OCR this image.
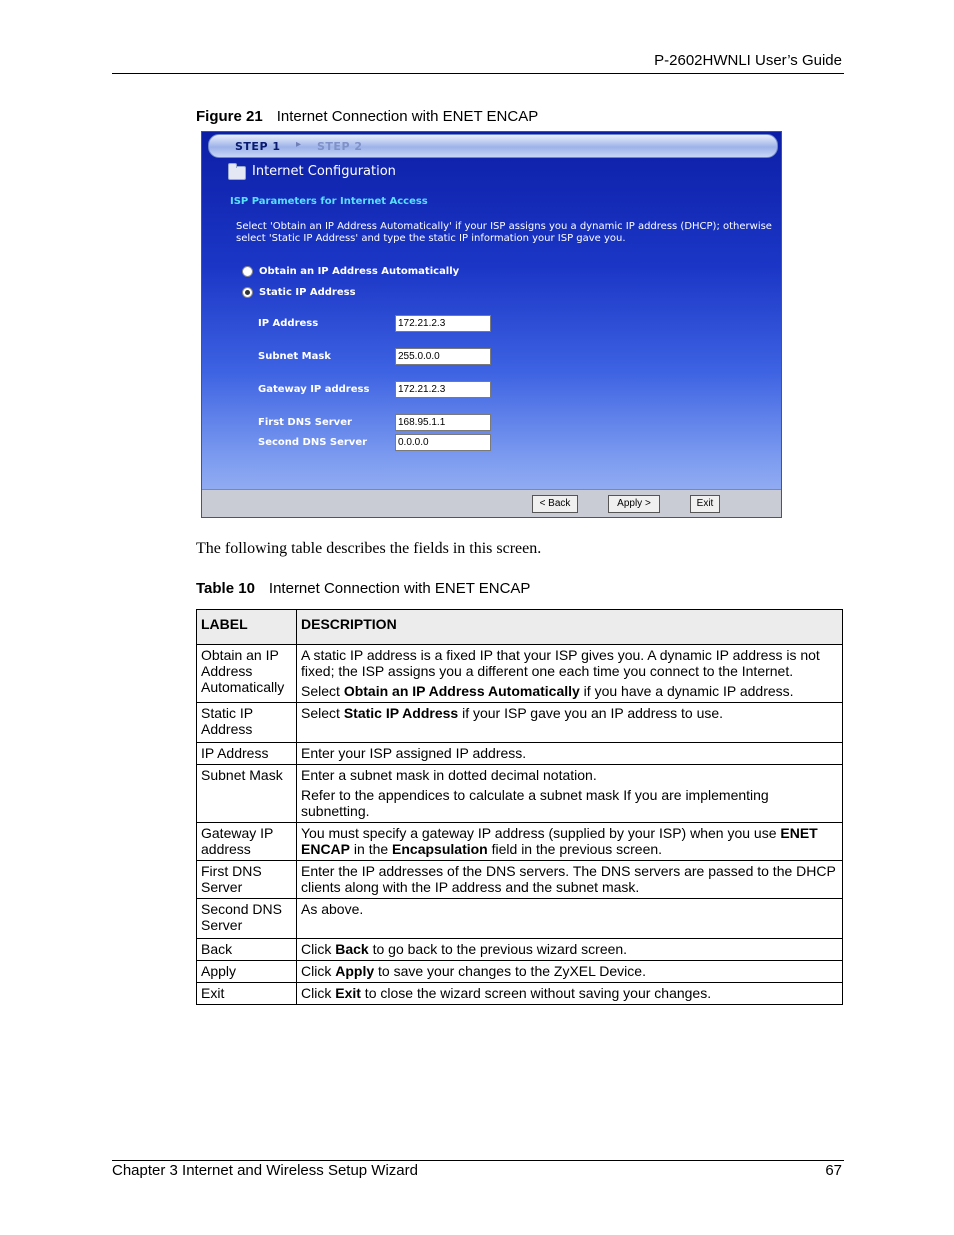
P-2602HWNLI User’s Guide
Figure 21 Internet Connection with ENET ENCAP
STEP 1 ▸ STEP 2
Internet Configuration
ISP Parameters for Internet Access
Select 'Obtain an IP Address Automatically' if your ISP assigns you a dynamic IP address (DHCP); otherwise select 'Static IP Address' and type the static IP information your ISP gave you.
Obtain an IP Address Automatically
Static IP Address
IP Address	172.21.2.3
Subnet Mask	255.0.0.0
Gateway IP address	172.21.2.3
First DNS Server	168.95.1.1
Second DNS Server	0.0.0.0
< Back	Apply >	Exit
The following table describes the fields in this screen.
Table 10 Internet Connection with ENET ENCAP
LABEL	DESCRIPTION
Obtain an IP Address Automatically	A static IP address is a fixed IP that your ISP gives you. A dynamic IP address is not fixed; the ISP assigns you a different one each time you connect to the Internet.
Select Obtain an IP Address Automatically if you have a dynamic IP address.

Static IP Address	Select Static IP Address if your ISP gave you an IP address to use.
IP Address	Enter your ISP assigned IP address.
Subnet Mask	Enter a subnet mask in dotted decimal notation.
Refer to the appendices to calculate a subnet mask If you are implementing subnetting.

Gateway IP address	You must specify a gateway IP address (supplied by your ISP) when you use ENET ENCAP in the Encapsulation field in the previous screen.
First DNS Server	Enter the IP addresses of the DNS servers. The DNS servers are passed to the DHCP clients along with the IP address and the subnet mask.
Second DNS Server	As above.
Back	Click Back to go back to the previous wizard screen.
Apply	Click Apply to save your changes to the ZyXEL Device.
Exit	Click Exit to close the wizard screen without saving your changes.
Chapter 3 Internet and Wireless Setup Wizard	67
